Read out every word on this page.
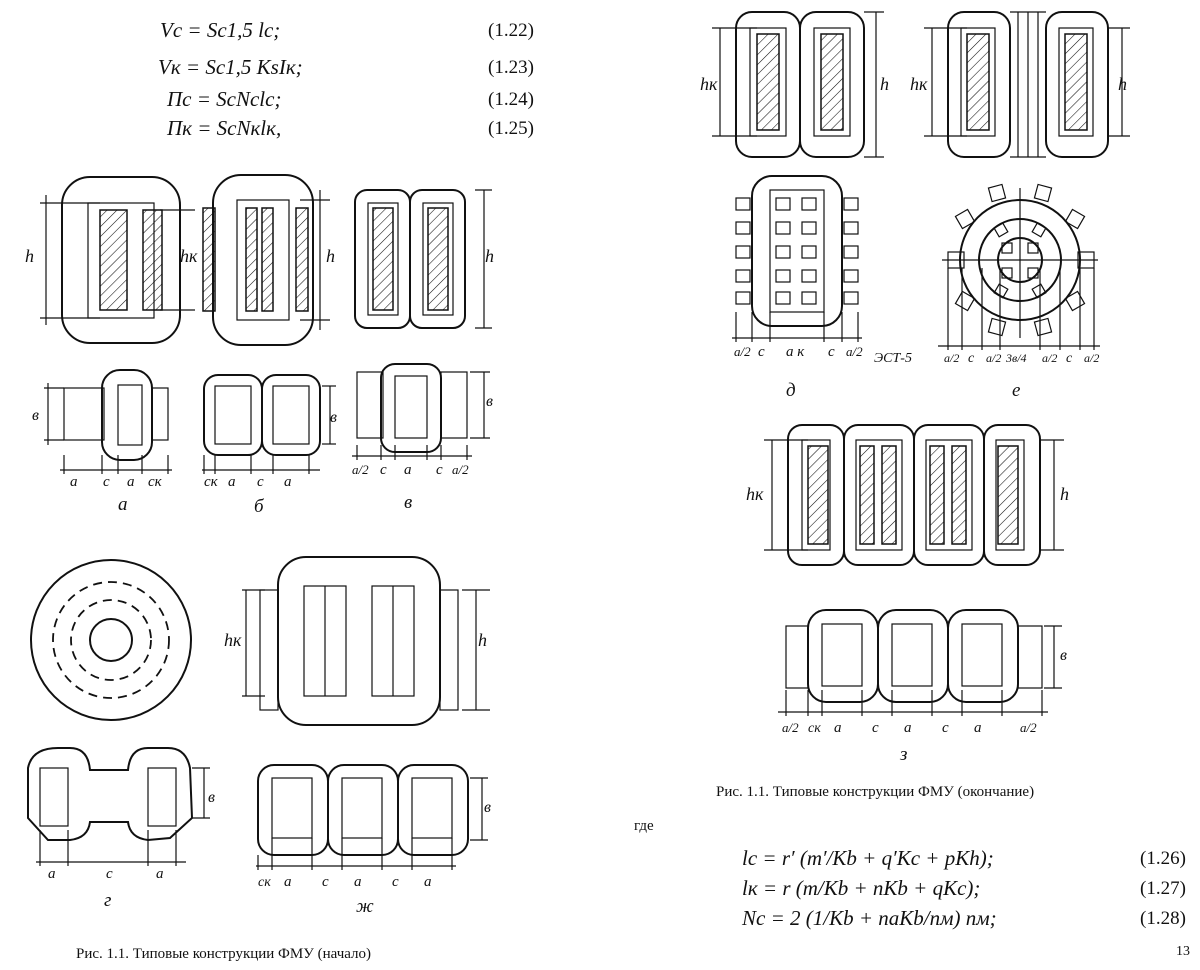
Vс = Sс1,5 lс;	(1.22)
Vк = Sс1,5 KsIк;	(1.23)
Пс = SсNсlс;	(1.24)
Пк = SсNкlк,	(1.25)
Рис. 1.1. Типовые конструкции ФМУ (окончание)
где
lс = r′ (m′/Kb + q′Kс + pKh);	(1.26)
lк = r (m/Kb + nKb + qKс);	(1.27)
Nс = 2 (1/Kb + naKb/nм) nм;	(1.28)
Рис. 1.1. Типовые конструкции ФМУ (начало)	13
h	hк	h	h
в
а с а cк
а
в
cк а с а
б
в
а/2 с а с а/2
в
hк	h
в
а	с	а
г
в
cк а с а с а
ж
hк	h hк	h
а/2 с а к с а/2
д
ЭСТ-5	а/2 с а/2 3в/4 а/2 с а/2
е
hк	h
в
а/2 cк а с а с а	а/2
з
